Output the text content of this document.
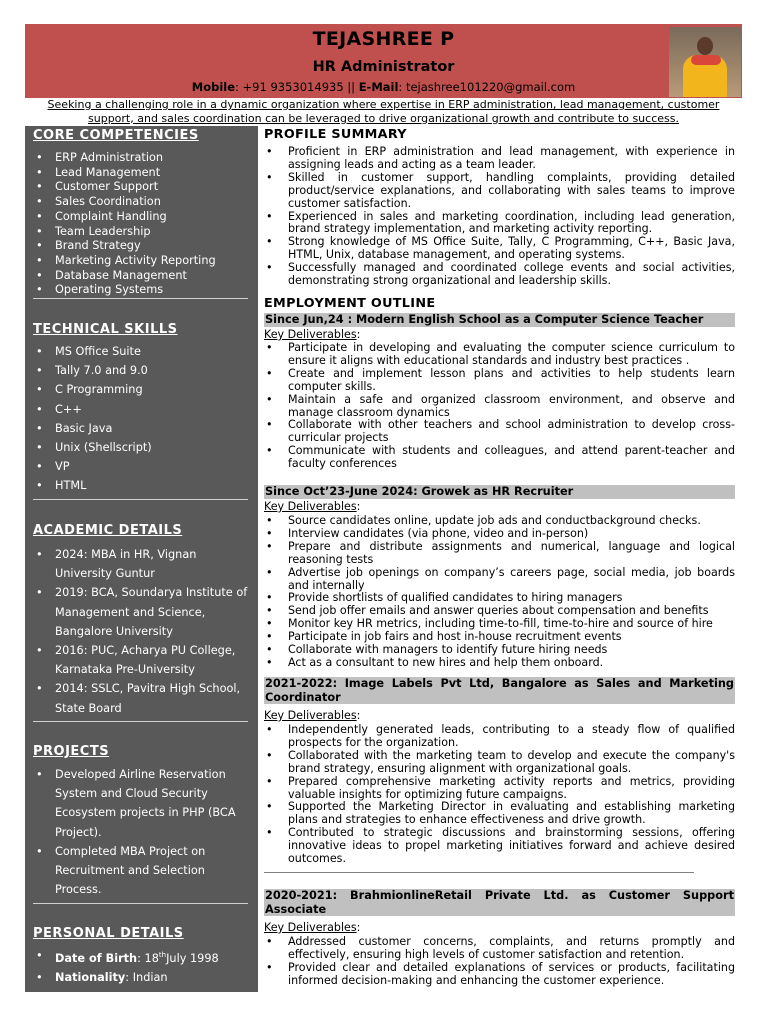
TEJASHREE P
HR Administrator
Mobile: +91 9353014935 || E-Mail: tejashree101220@gmail.com
Seeking a challenging role in a dynamic organization where expertise in ERP administration, lead management, customer support, and sales coordination can be leveraged to drive organizational growth and contribute to success.
CORE COMPETENCIES
• ERP Administration
• Lead Management
• Customer Support
• Sales Coordination
• Complaint Handling
• Team Leadership
• Brand Strategy
• Marketing Activity Reporting
• Database Management
• Operating Systems
TECHNICAL SKILLS
• MS Office Suite
• Tally 7.0 and 9.0
• C Programming
• C++
• Basic Java
• Unix (Shellscript)
• VP
• HTML
ACADEMIC DETAILS
• 2024: MBA in HR, Vignan University Guntur
• 2019: BCA, Soundarya Institute of Management and Science, Bangalore University
• 2016: PUC, Acharya PU College, Karnataka Pre-University
• 2014: SSLC, Pavitra High School, State Board
PROJECTS
• Developed Airline Reservation System and Cloud Security Ecosystem projects in PHP (BCA Project).
• Completed MBA Project on Recruitment and Selection Process.
PERSONAL DETAILS
• Date of Birth: 18thJuly 1998
• Nationality: Indian
PROFILE SUMMARY
• Proficient in ERP administration and lead management, with experience in assigning leads and acting as a team leader.
• Skilled in customer support, handling complaints, providing detailed product/service explanations, and collaborating with sales teams to improve customer satisfaction.
• Experienced in sales and marketing coordination, including lead generation, brand strategy implementation, and marketing activity reporting.
• Strong knowledge of MS Office Suite, Tally, C Programming, C++, Basic Java, HTML, Unix, database management, and operating systems.
• Successfully managed and coordinated college events and social activities, demonstrating strong organizational and leadership skills.
EMPLOYMENT OUTLINE
Since Jun,24 : Modern English School as a Computer Science Teacher
Key Deliverables:
• Participate in developing and evaluating the computer science curriculum to ensure it aligns with educational standards and industry best practices .
• Create and implement lesson plans and activities to help students learn computer skills.
• Maintain a safe and organized classroom environment, and observe and manage classroom dynamics
• Collaborate with other teachers and school administration to develop cross-curricular projects
• Communicate with students and colleagues, and attend parent-teacher and faculty conferences
Since Oct’23-June 2024: Growek as HR Recruiter
Key Deliverables:
• Source candidates online, update job ads and conductbackground checks.
• Interview candidates (via phone, video and in-person)
• Prepare and distribute assignments and numerical, language and logical reasoning tests
• Advertise job openings on company’s careers page, social media, job boards and internally
• Provide shortlists of qualified candidates to hiring managers
• Send job offer emails and answer queries about compensation and benefits
• Monitor key HR metrics, including time-to-fill, time-to-hire and source of hire
• Participate in job fairs and host in-house recruitment events
• Collaborate with managers to identify future hiring needs
• Act as a consultant to new hires and help them onboard.
2021-2022: Image Labels Pvt Ltd, Bangalore as Sales and Marketing Coordinator
Key Deliverables:
• Independently generated leads, contributing to a steady flow of qualified prospects for the organization.
• Collaborated with the marketing team to develop and execute the company's brand strategy, ensuring alignment with organizational goals.
• Prepared comprehensive marketing activity reports and metrics, providing valuable insights for optimizing future campaigns.
• Supported the Marketing Director in evaluating and establishing marketing plans and strategies to enhance effectiveness and drive growth.
• Contributed to strategic discussions and brainstorming sessions, offering innovative ideas to propel marketing initiatives forward and achieve desired outcomes.
2020-2021: BrahmionlineRetail Private Ltd. as Customer Support Associate
Key Deliverables:
• Addressed customer concerns, complaints, and returns promptly and effectively, ensuring high levels of customer satisfaction and retention.
• Provided clear and detailed explanations of services or products, facilitating informed decision-making and enhancing the customer experience.
